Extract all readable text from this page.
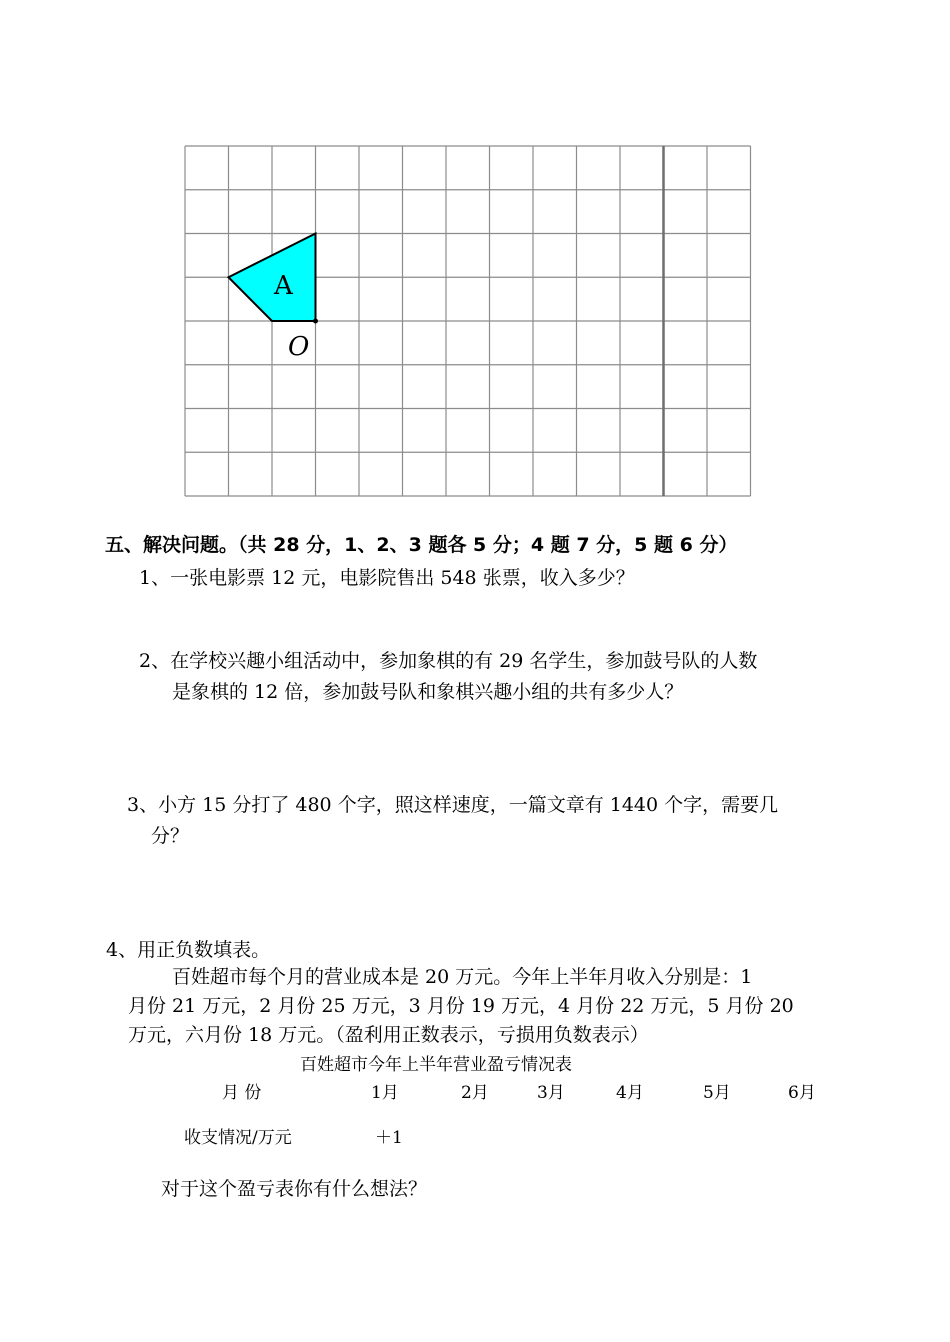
A
O
五、解决问题。（共 28 分，1、2、3 题各 5 分；4 题 7 分，5 题 6 分）
1、一张电影票 12 元，电影院售出 548 张票，收入多少？
2、在学校兴趣小组活动中，参加象棋的有 29 名学生，参加鼓号队的人数
是象棋的 12 倍，参加鼓号队和象棋兴趣小组的共有多少人？
3、小方 15 分打了 480 个字，照这样速度，一篇文章有 1440 个字，需要几
分？
4、用正负数填表。
百姓超市每个月的营业成本是 20 万元。今年上半年月收入分别是：1
月份 21 万元，2 月份 25 万元，3 月份 19 万元，4 月份 22 万元，5 月份 20
万元，六月份 18 万元。（盈利用正数表示，亏损用负数表示）
百姓超市今年上半年营业盈亏情况表
月 份	1月	2月	3月	4月	5月	6月
收支情况/万元	＋1
对于这个盈亏表你有什么想法？
